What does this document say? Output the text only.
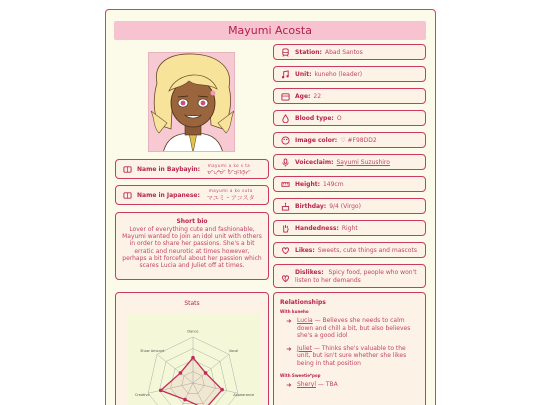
Mayumi Acosta
Name in Baybayin:
mayumi a ko s ta
ᜋᜌᜓᜋᜒ ᜀᜃᜓᜐ᜔ᜆ
Name in Japanese:
mayumi a ko suta
マユミ・アコスタ
Short bio
Lover of everything cute and fashionable, Mayumi wanted to join an idol unit with others in order to share her passions. She's a bit erratic and neurotic at times however, perhaps a bit forceful about her passion which scares Lucia and Juliet off at times.
Station: Abad Santos
Unit: kuneho (leader)
Age: 22
Blood type: O
Image color: ♡ #F98DD2
Voiceclaim: Sayumi Suzushiro
Height: 149cm
Birthday: 9/4 (Virgo)
Handedness: Right
Likes: Sweets, cute things and mascots
Dislikes: Spicy food, people who won't listen to her demands
Stats
Dance
Vocal
Appearance
Creative
Show Amount
Relationships
With kuneho
Lucia — Believes she needs to calm down and chill a bit, but also believes she's a good idol
Juliet — Thinks she's valuable to the unit, but isn't sure whether she likes being in that position
With Sweetie*pop
Sheryl — TBA
